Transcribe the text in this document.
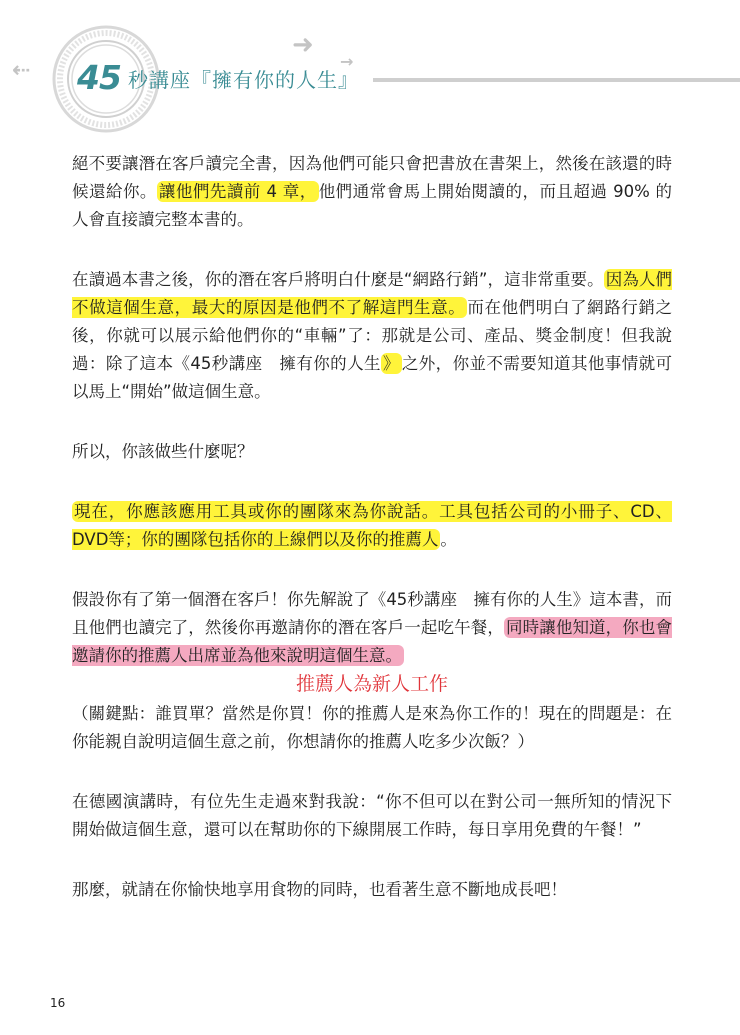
⇠ 45 秒講座『擁有你的人生』
➜
→

絕不要讓潛在客戶讀完全書，因為他們可能只會把書放在書架上，然後在該還的時候還給你。 讓他們先讀前 4 章， 他們通常會馬上開始閱讀的，而且超過 90% 的人會直接讀完整本書的。

在讀過本書之後，你的潛在客戶將明白什麼是“網路行銷”，這非常重要。 因為人們不做這個生意，最大的原因是他們不了解這門生意。 而在他們明白了網路行銷之後，你就可以展示給他們你的“車輛”了：那就是公司、產品、獎金制度！但我說過：除了這本《45秒講座　擁有你的人生 》 之外，你並不需要知道其他事情就可以馬上“開始”做這個生意。

所以，你該做些什麼呢？

現在，你應該應用工具或你的團隊來為你說話。工具包括公司的小冊子、CD、DVD等；你的團隊包括你的上線們以及你的推薦人 。

假設你有了第一個潛在客戶！你先解說了《45秒講座　擁有你的人生》這本書，而且他們也讀完了，然後你再邀請你的潛在客戶一起吃午餐， 同時讓他知道，你也會邀請你的推薦人出席並為他來說明這個生意。

推薦人為新人工作

（關鍵點：誰買單？當然是你買！你的推薦人是來為你工作的！現在的問題是：在你能親自說明這個生意之前，你想請你的推薦人吃多少次飯？）

在德國演講時，有位先生走過來對我說：“你不但可以在對公司一無所知的情況下開始做這個生意，還可以在幫助你的下線開展工作時，每日享用免費的午餐！”

那麼，就請在你愉快地享用食物的同時，也看著生意不斷地成長吧！

16
